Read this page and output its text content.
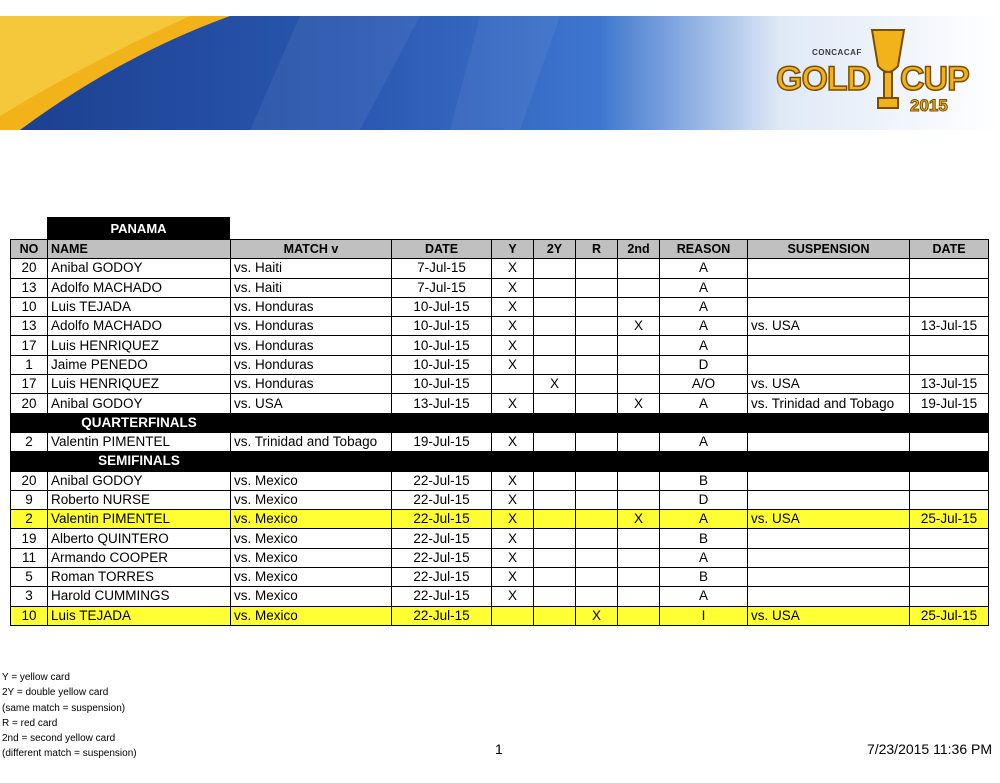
CONCACAF
GOLD CUP
2015
PANAMA
NO	NAME	MATCH v	DATE	Y	2Y	R	2nd	REASON	SUSPENSION	DATE
20	Anibal GODOY	vs. Haiti	7-Jul-15	X				A		
13	Adolfo MACHADO	vs. Haiti	7-Jul-15	X				A		
10	Luis TEJADA	vs. Honduras	10-Jul-15	X				A		
13	Adolfo MACHADO	vs. Honduras	10-Jul-15	X			X	A	vs. USA	13-Jul-15
17	Luis HENRIQUEZ	vs. Honduras	10-Jul-15	X				A		
1	Jaime PENEDO	vs. Honduras	10-Jul-15	X				D		
17	Luis HENRIQUEZ	vs. Honduras	10-Jul-15		X			A/O	vs. USA	13-Jul-15
20	Anibal GODOY	vs. USA	13-Jul-15	X			X	A	vs. Trinidad and Tobago	19-Jul-15
	QUARTERFINALS									
2	Valentin PIMENTEL	vs. Trinidad and Tobago	19-Jul-15	X				A		
	SEMIFINALS									
20	Anibal GODOY	vs. Mexico	22-Jul-15	X				B		
9	Roberto NURSE	vs. Mexico	22-Jul-15	X				D		
2	Valentin PIMENTEL	vs. Mexico	22-Jul-15	X			X	A	vs. USA	25-Jul-15
19	Alberto QUINTERO	vs. Mexico	22-Jul-15	X				B		
11	Armando COOPER	vs. Mexico	22-Jul-15	X				A		
5	Roman TORRES	vs. Mexico	22-Jul-15	X				B		
3	Harold CUMMINGS	vs. Mexico	22-Jul-15	X				A		
10	Luis TEJADA	vs. Mexico	22-Jul-15			X		I	vs. USA	25-Jul-15
Y = yellow card
2Y = double yellow card
(same match = suspension)
R = red card
2nd = second yellow card
(different match = suspension)	1	7/23/2015 11:36 PM
